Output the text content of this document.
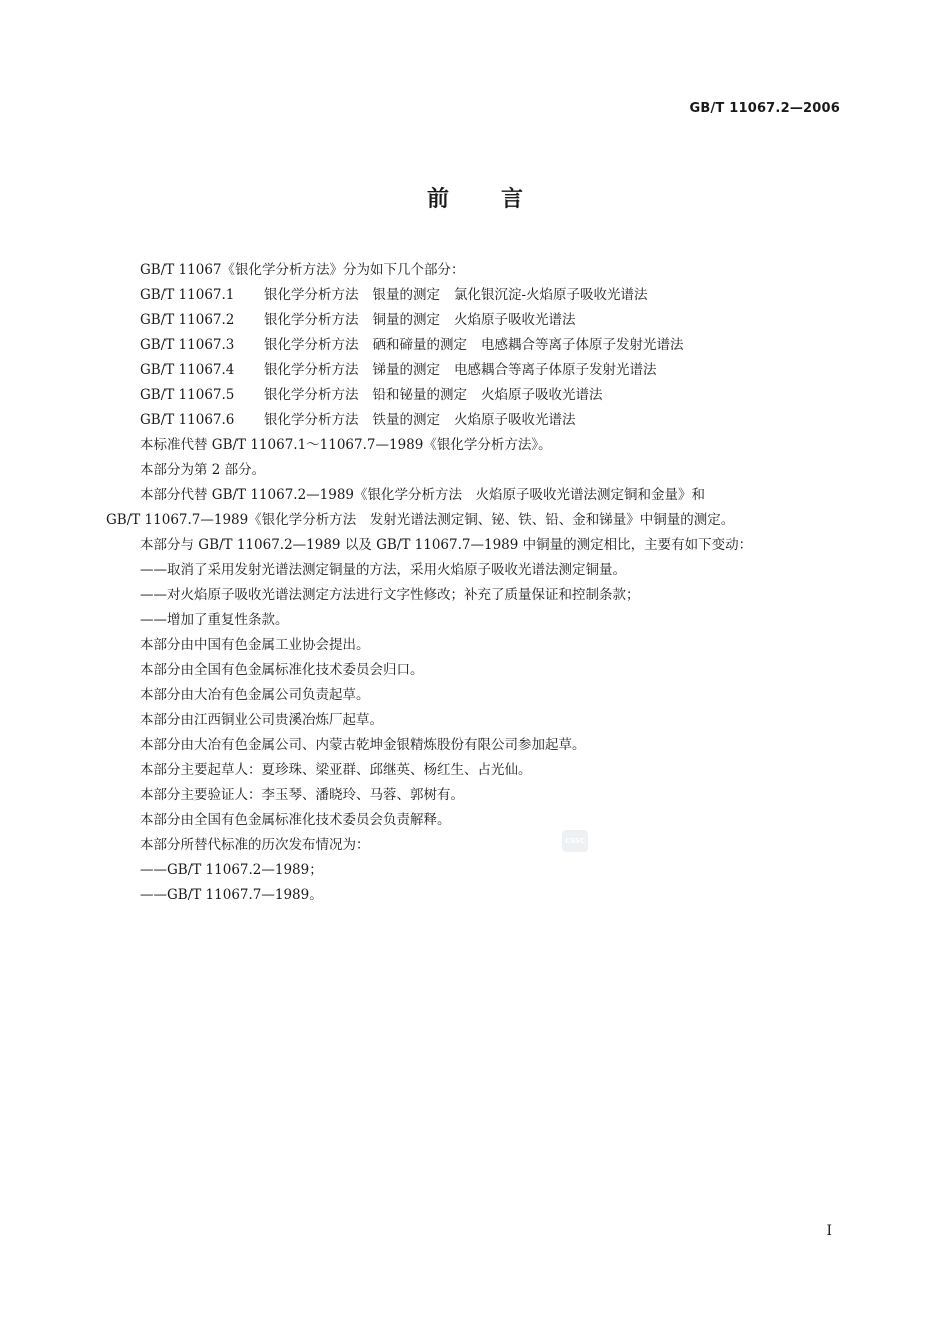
GB/T 11067.2—2006
前 言

GB/T 11067《银化学分析方法》分为如下几个部分：

GB/T 11067.1 银化学分析方法 银量的测定 氯化银沉淀-火焰原子吸收光谱法

GB/T 11067.2 银化学分析方法 铜量的测定 火焰原子吸收光谱法

GB/T 11067.3 银化学分析方法 硒和碲量的测定 电感耦合等离子体原子发射光谱法

GB/T 11067.4 银化学分析方法 锑量的测定 电感耦合等离子体原子发射光谱法

GB/T 11067.5 银化学分析方法 铅和铋量的测定 火焰原子吸收光谱法

GB/T 11067.6 银化学分析方法 铁量的测定 火焰原子吸收光谱法

本标准代替 GB/T 11067.1～11067.7—1989《银化学分析方法》。

本部分为第 2 部分。

本部分代替 GB/T 11067.2—1989《银化学分析方法　火焰原子吸收光谱法测定铜和金量》和

GB/T 11067.7—1989《银化学分析方法　发射光谱法测定铜、铋、铁、铅、金和锑量》中铜量的测定。

本部分与 GB/T 11067.2—1989 以及 GB/T 11067.7—1989 中铜量的测定相比，主要有如下变动：

——取消了采用发射光谱法测定铜量的方法，采用火焰原子吸收光谱法测定铜量。

——对火焰原子吸收光谱法测定方法进行文字性修改；补充了质量保证和控制条款；

——增加了重复性条款。

本部分由中国有色金属工业协会提出。

本部分由全国有色金属标准化技术委员会归口。

本部分由大冶有色金属公司负责起草。

本部分由江西铜业公司贵溪冶炼厂起草。

本部分由大冶有色金属公司、内蒙古乾坤金银精炼股份有限公司参加起草。

本部分主要起草人：夏珍珠、梁亚群、邱继英、杨红生、占光仙。

本部分主要验证人：李玉琴、潘晓玲、马蓉、郭树有。

本部分由全国有色金属标准化技术委员会负责解释。

本部分所替代标准的历次发布情况为：

——GB/T 11067.2—1989；

——GB/T 11067.7—1989。

CSSC
I
